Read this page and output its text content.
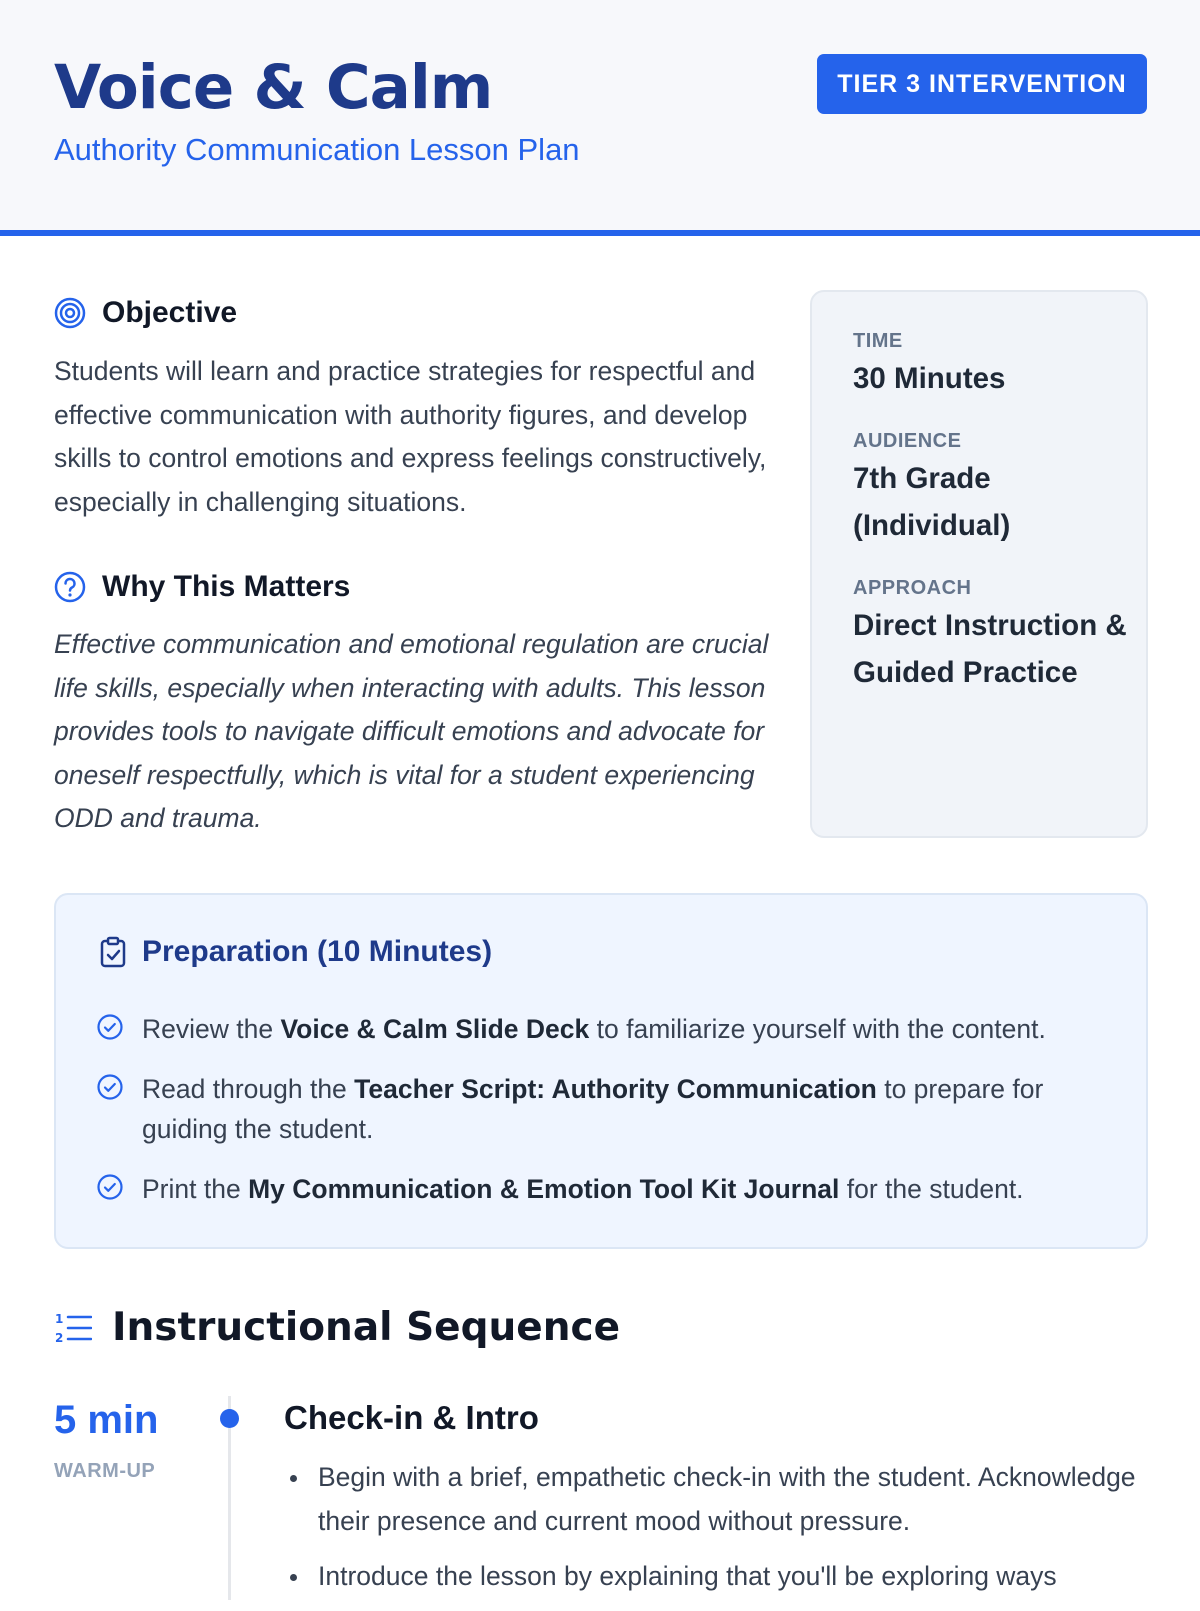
Voice & Calm
Authority Communication Lesson Plan
TIER 3 INTERVENTION
Objective
Students will learn and practice strategies for respectful and effective communication with authority figures, and develop skills to control emotions and express feelings constructively, especially in challenging situations.
Why This Matters
Effective communication and emotional regulation are crucial life skills, especially when interacting with adults. This lesson provides tools to navigate difficult emotions and advocate for oneself respectfully, which is vital for a student experiencing ODD and trauma.
TIME
30 Minutes
AUDIENCE
7th Grade (Individual)
APPROACH
Direct Instruction & Guided Practice
Preparation (10 Minutes)
Review the Voice & Calm Slide Deck to familiarize yourself with the content.
Read through the Teacher Script: Authority Communication to prepare for guiding the student.
Print the My Communication & Emotion Tool Kit Journal for the student.
1
2 Instructional Sequence
5 min
WARM-UP
Check-in & Intro
Begin with a brief, empathetic check-in with the student. Acknowledge their presence and current mood without pressure.
Introduce the lesson by explaining that you'll be exploring ways
